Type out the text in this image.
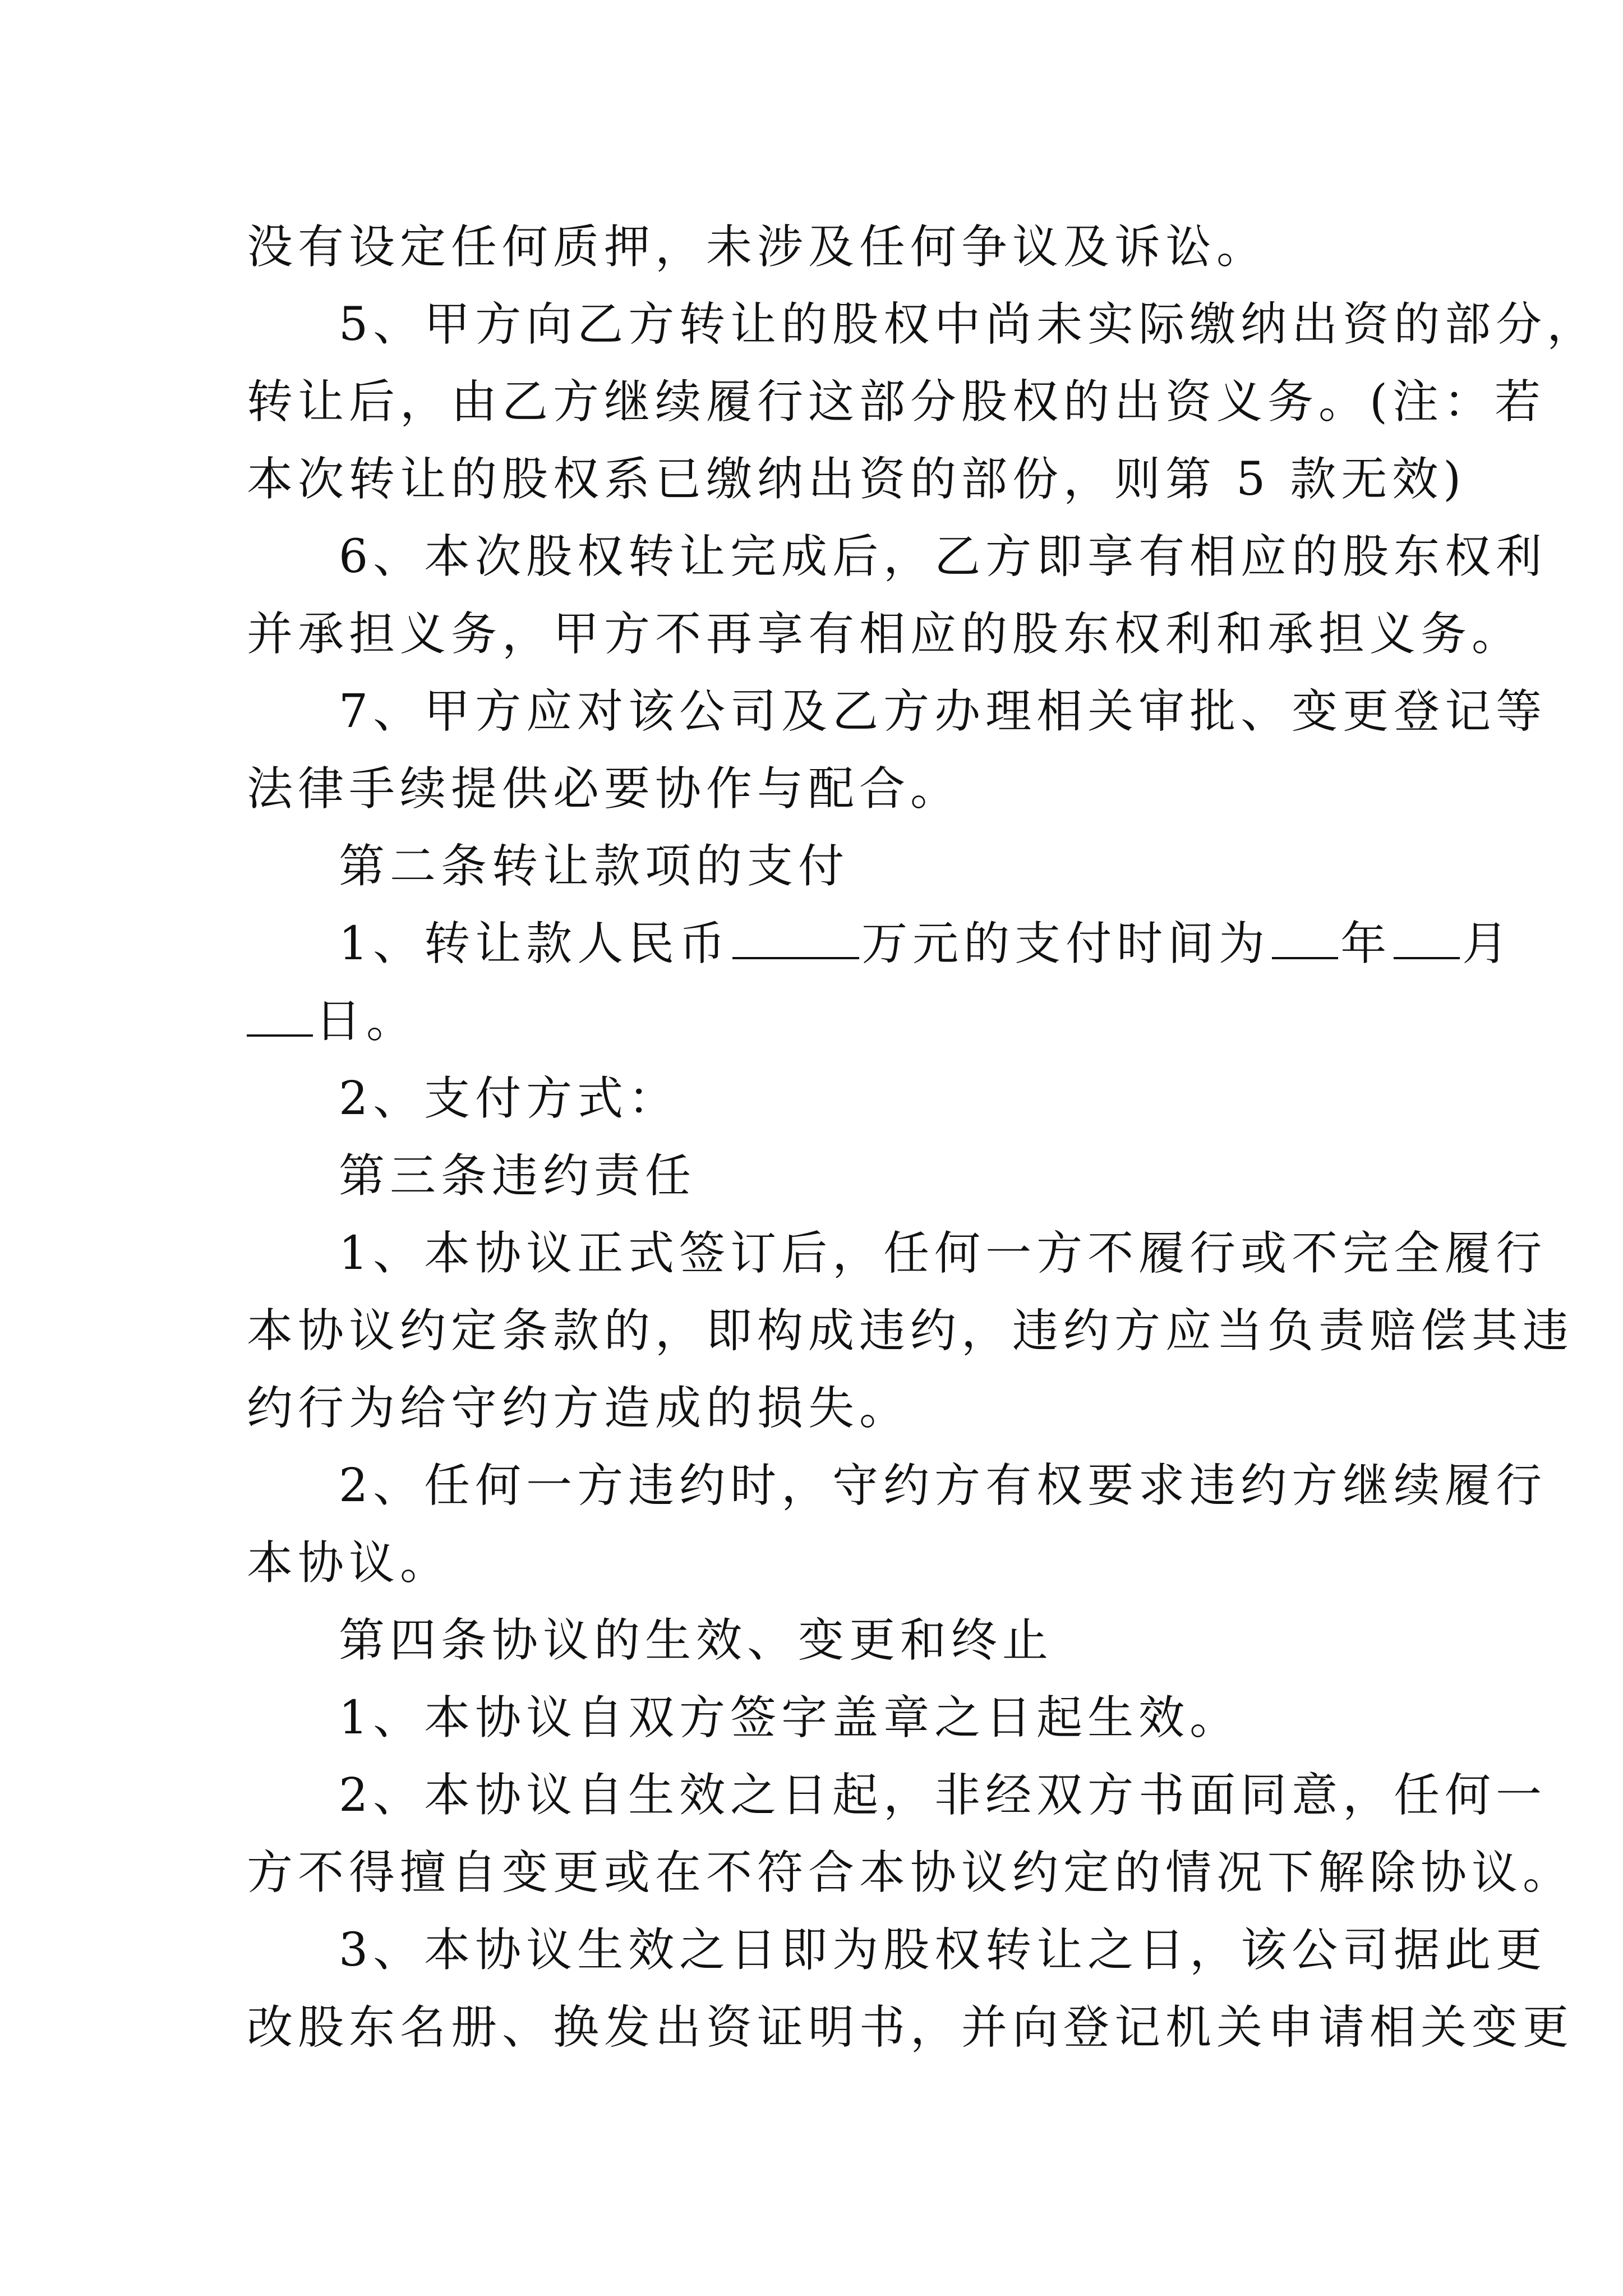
没有设定任何质押，未涉及任何争议及诉讼。
5、甲方向乙方转让的股权中尚未实际缴纳出资的部分，
转让后，由乙方继续履行这部分股权的出资义务。(注：若
本次转让的股权系已缴纳出资的部份，则第 5 款无效)
6、本次股权转让完成后，乙方即享有相应的股东权利
并承担义务，甲方不再享有相应的股东权利和承担义务。
7、甲方应对该公司及乙方办理相关审批、变更登记等
法律手续提供必要协作与配合。
第二条转让款项的支付
1、转让款人民币	万元的支付时间为 年 月
日。
2、支付方式：
第三条违约责任
1、本协议正式签订后，任何一方不履行或不完全履行
本协议约定条款的，即构成违约，违约方应当负责赔偿其违
约行为给守约方造成的损失。
2、任何一方违约时，守约方有权要求违约方继续履行
本协议。
第四条协议的生效、变更和终止
1、本协议自双方签字盖章之日起生效。
2、本协议自生效之日起，非经双方书面同意，任何一
方不得擅自变更或在不符合本协议约定的情况下解除协议。
3、本协议生效之日即为股权转让之日，该公司据此更
改股东名册、换发出资证明书，并向登记机关申请相关变更
